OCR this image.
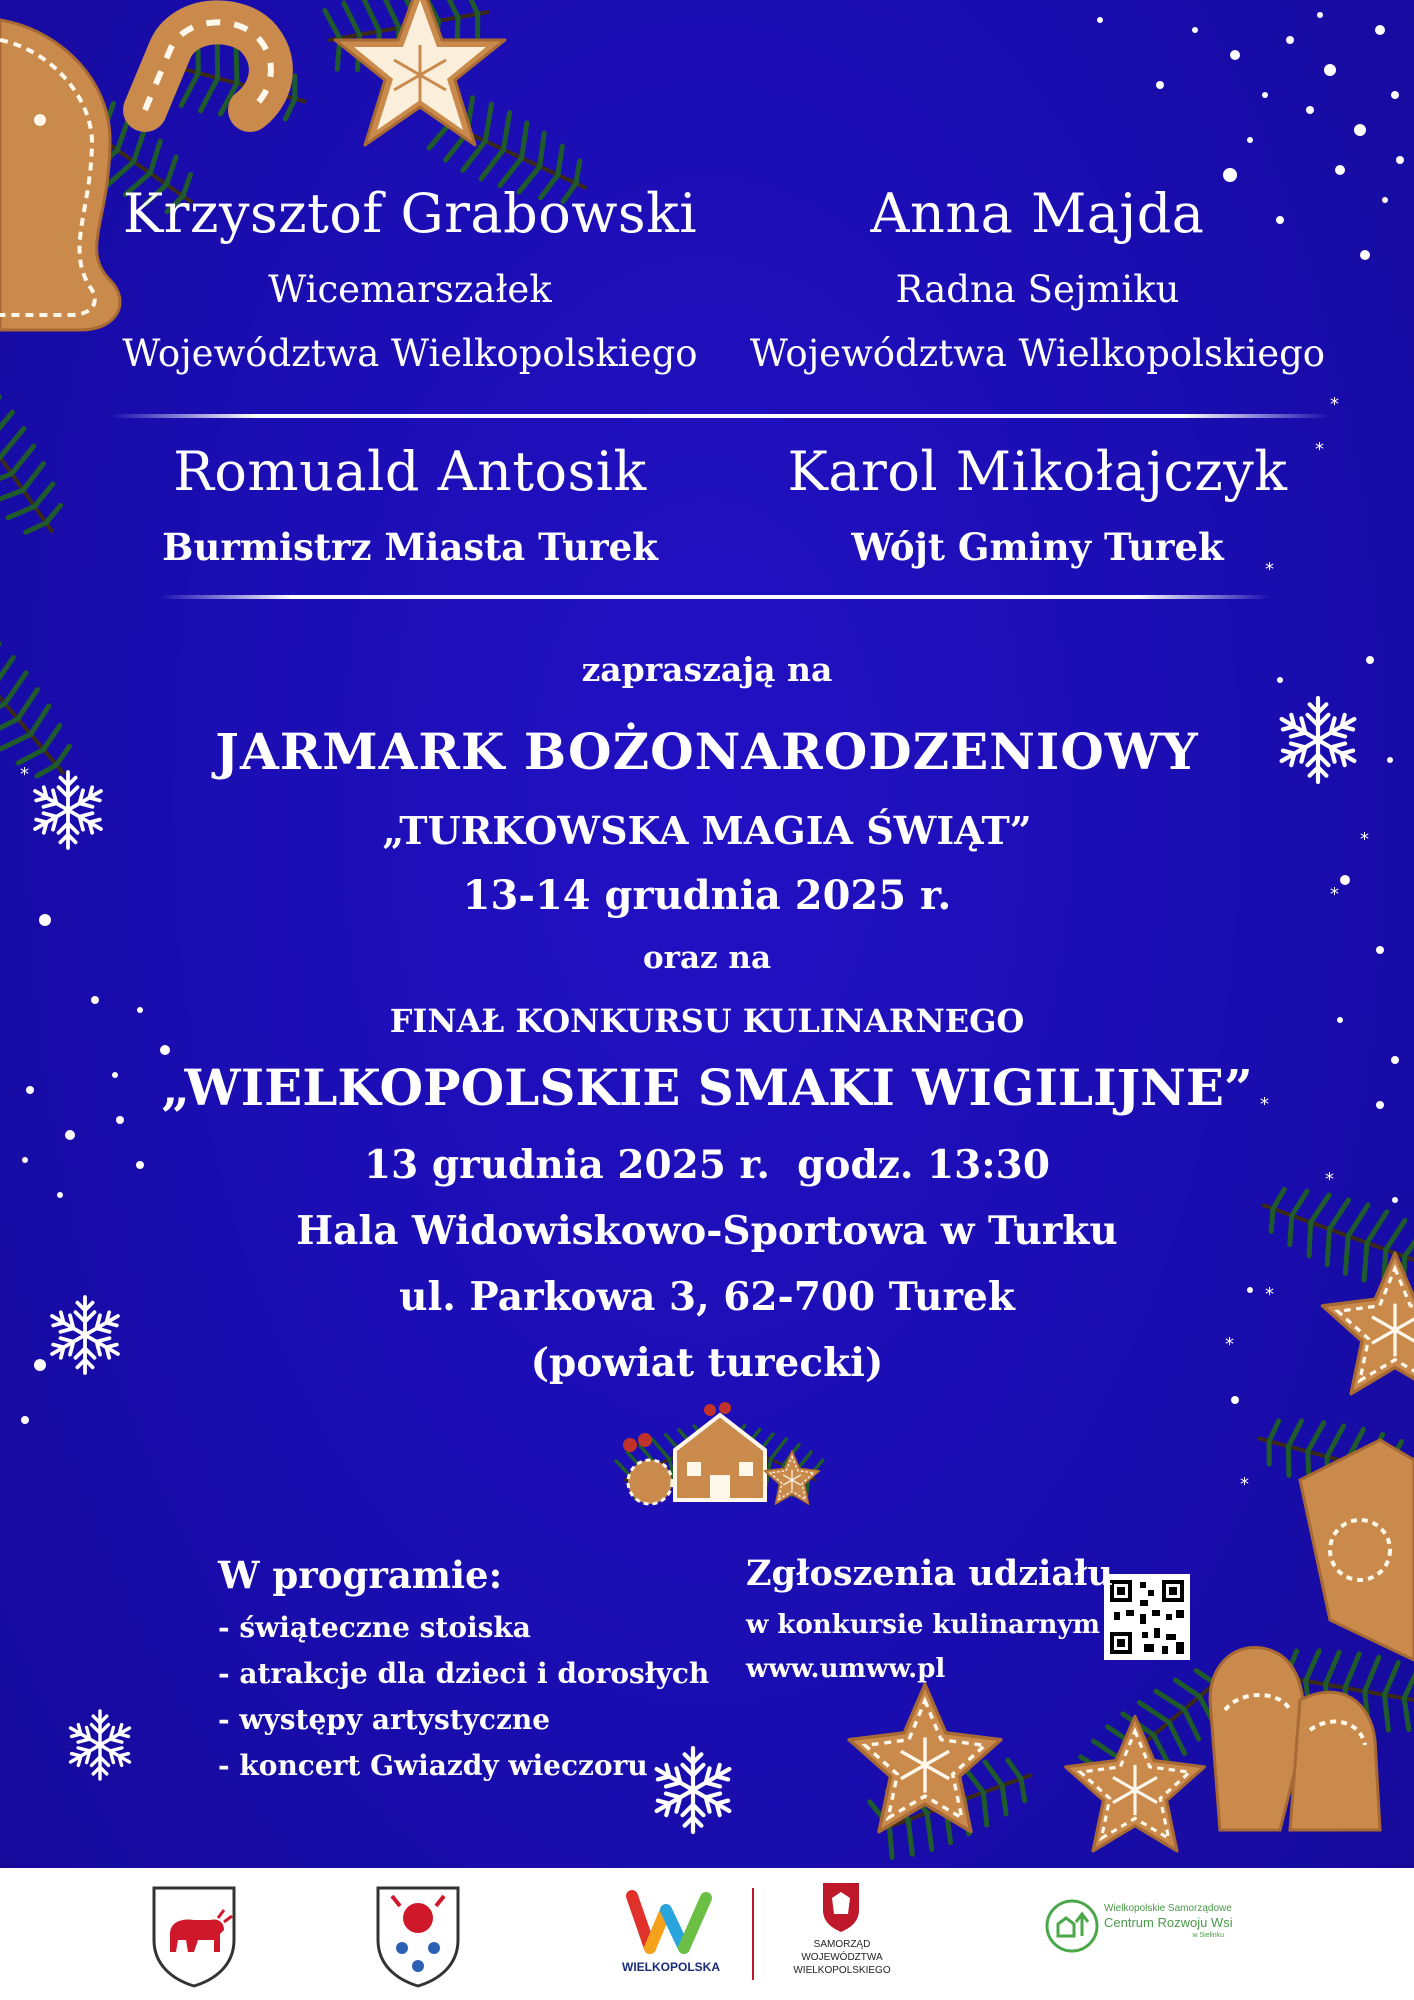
*
*
*
*
*
*
*
*
*
*
*
Krzysztof Grabowski
Wicemarszałek
Województwa Wielkopolskiego
Anna Majda
Radna Sejmiku
Województwa Wielkopolskiego
Romuald Antosik
Burmistrz Miasta Turek
Karol Mikołajczyk
Wójt Gminy Turek
zapraszają na
JARMARK BOŻONARODZENIOWY
„TURKOWSKA MAGIA ŚWIĄT”
13-14 grudnia 2025 r.
oraz na
FINAŁ KONKURSU KULINARNEGO
„WIELKOPOLSKIE SMAKI WIGILIJNE”
13 grudnia 2025 r.  godz. 13:30
Hala Widowiskowo-Sportowa w Turku
ul. Parkowa 3, 62-700 Turek
(powiat turecki)
W programie:
- świąteczne stoiska
- atrakcje dla dzieci i dorosłych
- występy artystyczne
- koncert Gwiazdy wieczoru
Zgłoszenia udziału
w konkursie kulinarnym
www.umww.pl
WIELKOPOLSKA
SAMORZĄD
WOJEWÓDZTWA
WIELKOPOLSKIEGO
Wielkopolskie Samorządowe
Centrum Rozwoju Wsi
w Sielinku
